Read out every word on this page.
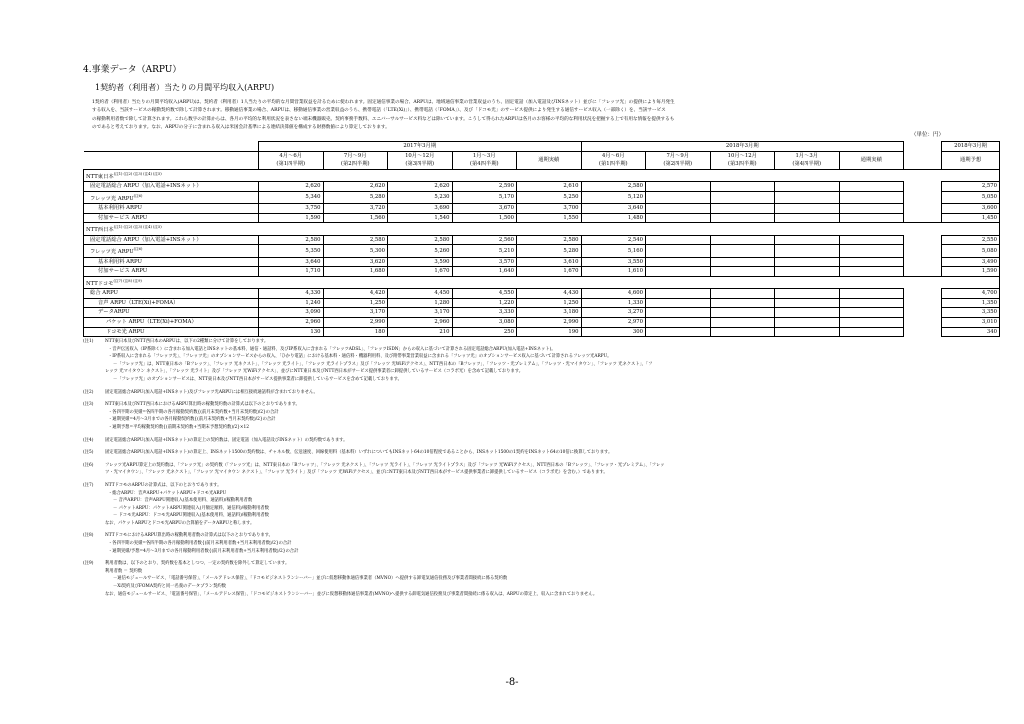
4.事業データ（ARPU）
1契約者（利用者）当たりの月間平均収入(ARPU)
1契約者（利用者）当たりの月間平均収入(ARPU)は、契約者（利用者）1人当たりの平均的な月間営業収益を計るために使われます。固定通信事業の場合、ARPUは、地域通信事業の営業収益のうち、固定電話（加入電話及びINSネット）並びに「フレッツ光」の提供により毎月発生
する収入を、当該サービスの稼動契約数で除して計算されます。移動通信事業の場合、ARPUは、移動通信事業の営業収益のうち、携帯電話（「LTE(Xi)」）、携帯電話（「FOMA」）、及び「ドコモ光」のサービス提供により発生する通信サービス収入（一部除く）を、当該サービス
の稼動利用者数で除して計算されます。これら数字の計算からは、各月の平均的な利用状況を表さない端末機器販売、契約事務手数料、ユニバーサルサービス料などは除いています。こうして得られたARPUは各月のお客様の平均的な利用状況を把握する上で有用な情報を提供するも
のであると考えております。なお、ARPUの分子に含まれる収入は米国会計基準による連結決算値を構成する財務数値により算定しております。
（単位：円）
	2017年3月期					2018年3月期						2018年3月期
	4月～6月
(第1四半期)	7月～9月
(第2四半期)	10月～12月
(第3四半期)	1月～3月
(第4四半期)	通期実績	4月～6月
(第1四半期)	7月～9月
(第2四半期)	10月～12月
(第3四半期)	1月～3月
(第4四半期)	通期実績		通期予想
NTT東日本$^{(注1) (注2) (注3) (注4) (注5)}$
固定電話総合 ARPU（加入電話+INSネット）	2,620	2,620	2,620	2,590	2,610	2,580						2,570
フレッツ光 $ARPU^{(注6)}$	5,340	5,280	5,230	5,170	5,250	5,120						5,050
基本利用料 ARPU	3,750	3,720	3,690	3,670	3,700	3,640						3,600
付加サービス ARPU	1,590	1,560	1,540	1,500	1,550	1,480						1,450
NTT西日本$^{(注1) (注2) (注3) (注4) (注5)}$
固定電話総合 ARPU（加入電話+INSネット）	2,580	2,580	2,580	2,560	2,580	2,540						2,550
フレッツ光 $ARPU^{(注6)}$	5,350	5,300	5,260	5,210	5,280	5,160						5,080
基本利用料 ARPU	3,640	3,620	3,590	3,570	3,610	3,550						3,490
付加サービス ARPU	1,710	1,680	1,670	1,640	1,670	1,610						1,590
NTTドコモ$^{(注7) (注8) (注9)}$
総合 ARPU	4,330	4,420	4,450	4,550	4,430	4,600						4,700
音声 ARPU（LTE(Xi)+FOMA）	1,240	1,250	1,280	1,220	1,250	1,330						1,350
データARPU	3,090	3,170	3,170	3,330	3,180	3,270						3,350
パケット ARPU（LTE(Xi)+FOMA）	2,960	2,990	2,960	3,080	2,990	2,970						3,010
ドコモ光 ARPU	130	180	210	250	190	300						340
(注1)	NTT東日本及びNTT西日本のARPUは、以下の2種類に分けて計算をしております。
・音声伝送収入（IP系除く）に含まれる加入電話とINSネットの基本料、通信・通話料、及びIP系収入に含まれる「フレッツADSL」、「フレッツISDN」からの収入に基づいて計算される固定電話総合ARPU(加入電話+INSネット)。
・IP系収入に含まれる「フレッツ光」、「フレッツ光」のオプションサービスからの収入、「ひかり電話」における基本料・通信料・機器利用料、及び附帯事業営業収益に含まれる「フレッツ光」のオプションサービス収入に基づいて計算されるフレッツ光ARPU。
－「フレッツ光」は、NTT東日本の「Bフレッツ」、「フレッツ 光ネクスト」、「フレッツ 光ライト」、「フレッツ 光ライトプラス」及び「フレッツ 光WiFiアクセス」、NTT西日本の「Bフレッツ」、「フレッツ・光プレミアム」、「フレッツ・光マイタウン」、「フレッツ 光ネクスト」、「フ
レッツ 光マイタウン ネクスト」、「フレッツ 光ライト」及び「フレッツ 光WiFiアクセス」、並びにNTT東日本及びNTT西日本がサービス提供事業者に卸提供しているサービス（コラボ光）を含めて記載しております。
－「フレッツ光」のオプションサービスは、NTT東日本及びNTT西日本がサービス提供事業者に卸提供しているサービスを含めて記載しております。
(注2)	固定電話総合ARPU(加入電話+INSネット)及びフレッツ光ARPUには相互接続通話料が含まれておりません。
(注3)	NTT東日本及びNTT西日本におけるARPU算出時の稼動契約数の計算式は以下のとおりであります。
・各四半期の実績=各四半期の各月稼動契約数{(前月末契約数+当月末契約数)/2}の合計
・通期実績=4月～3月までの各月稼動契約数{(前月末契約数+当月末契約数)/2}の合計
・通期予想=平均稼動契約数{(前期末契約数+当期末予想契約数)/2}×12
(注4)	固定電話総合ARPU(加入電話+INSネット)の算定上の契約数は、固定電話（加入電話及びINSネット）の契約数であります。
(注5)	固定電話総合ARPU(加入電話+INSネット)の算定上、INSネット1500の契約数は、チャネル数、伝送速度、回線使用料（基本料）いずれについてもINSネット64の10倍程度であることから、INSネット1500の1契約をINSネット64の10倍に換算しております。
(注6)	フレッツ光ARPU算定上の契約数は、「フレッツ光」の契約数（「フレッツ光」は、NTT東日本の「Bフレッツ」、「フレッツ 光ネクスト」、「フレッツ 光ライト」、「フレッツ 光ライトプラス」及び「フレッツ 光WiFiアクセス」、NTT西日本の「Bフレッツ」、「フレッツ・光プレミアム」、「フレッ
ツ・光マイタウン」、「フレッツ 光ネクスト」、「フレッツ 光マイタウン ネクスト」、「フレッツ 光ライト」及び「フレッツ 光WiFiアクセス」、並びにNTT東日本及びNTT西日本がサービス提供事業者に卸提供しているサービス（コラボ光）を含む。）であります。
(注7)	NTTドコモのARPUの計算式は、以下のとおりであります。
・総合ARPU：音声ARPU+パケットARPU+ドコモ光ARPU
－ 音声ARPU：音声ARPU関連収入(基本使用料、通話料)/稼動利用者数
－ パケットARPU：パケットARPU関連収入(月額定額料、通信料)/稼動利用者数
－ ドコモ光ARPU：ドコモ光ARPU関連収入(基本使用料、通話料)/稼動利用者数
なお、パケットARPUとドコモ光ARPUの合算値をデータARPUと称します。
(注8)	NTTドコモにおけるARPU算出時の稼動利用者数の計算式は以下のとおりであります。
・各四半期の実績=各四半期の各月稼動利用者数{(前月末利用者数+当月末利用者数)/2}の合計
・通期実績/予想=4月～3月までの各月稼動利用者数{(前月末利用者数+当月末利用者数)/2}の合計
(注9)	利用者数は、以下のとおり、契約数を基本としつつ、一定の契約数を除外して算定しています。
利用者数 ＝ 契約数
－通信モジュールサービス、「電話番号保管」、「メールアドレス保管」、「ドコモビジネストランシーバー」並びに仮想移動体通信事業者（MVNO）へ提供する卸電気通信役務及び事業者間接続に係る契約数
－Xi契約及びFOMA契約と同一名義のデータプラン契約数
なお、通信モジュールサービス、「電話番号保管」、「メールアドレス保管」、「ドコモビジネストランシーバー」並びに仮想移動体通信事業者(MVNO)へ提供する卸電気通信役務及び事業者間接続に係る収入は、ARPUの算定上、収入に含まれておりません。
-8-
